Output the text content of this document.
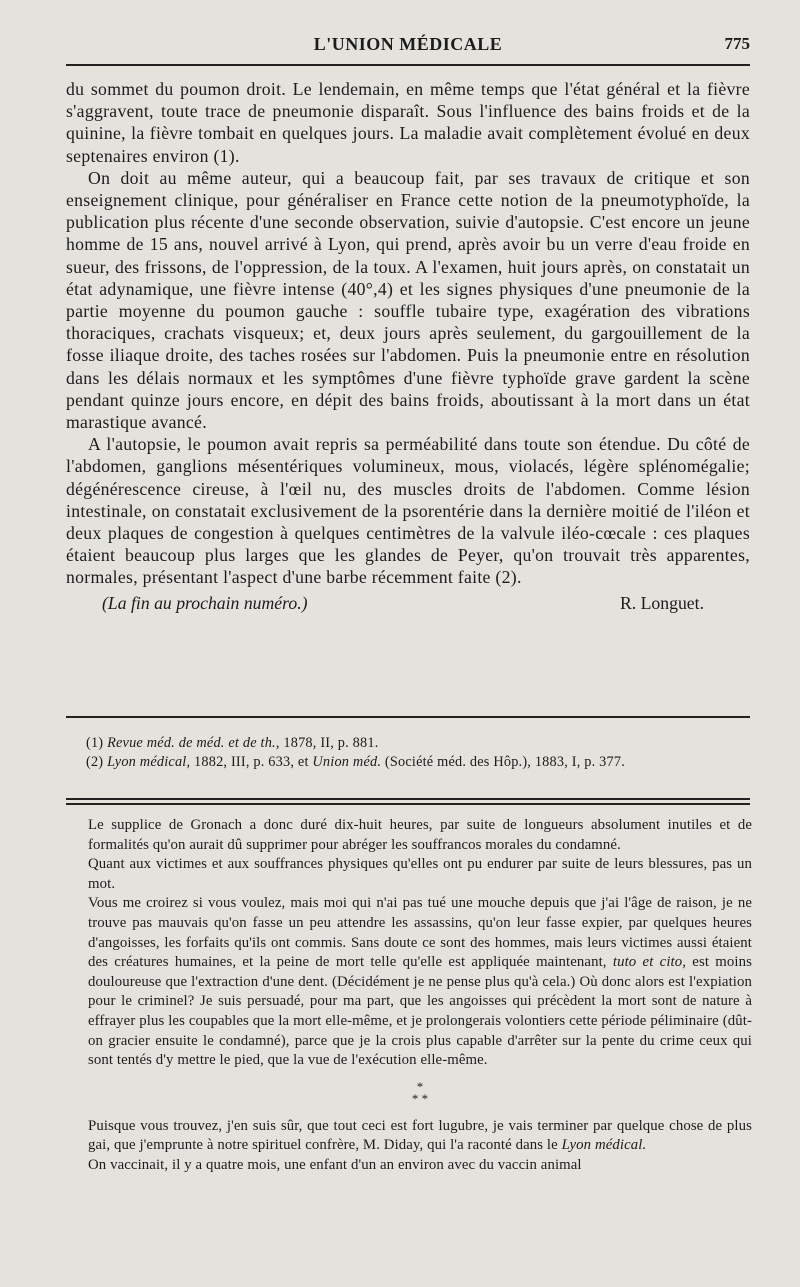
L'UNION MÉDICALE	775

du sommet du poumon droit. Le lendemain, en même temps que l'état général et la fièvre s'aggravent, toute trace de pneumonie disparaît. Sous l'influence des bains froids et de la quinine, la fièvre tombait en quelques jours. La maladie avait complètement évolué en deux septenaires environ (1).

On doit au même auteur, qui a beaucoup fait, par ses travaux de critique et son enseignement clinique, pour généraliser en France cette notion de la pneumotyphoïde, la publication plus récente d'une seconde observation, suivie d'autopsie. C'est encore un jeune homme de 15 ans, nouvel arrivé à Lyon, qui prend, après avoir bu un verre d'eau froide en sueur, des frissons, de l'oppression, de la toux. A l'examen, huit jours après, on constatait un état adynamique, une fièvre intense (40°,4) et les signes physiques d'une pneumonie de la partie moyenne du poumon gauche : souffle tubaire type, exagération des vibrations thoraciques, crachats visqueux; et, deux jours après seulement, du gargouillement de la fosse iliaque droite, des taches rosées sur l'abdomen. Puis la pneumonie entre en résolution dans les délais normaux et les symptômes d'une fièvre typhoïde grave gardent la scène pendant quinze jours encore, en dépit des bains froids, aboutissant à la mort dans un état marastique avancé.

A l'autopsie, le poumon avait repris sa perméabilité dans toute son étendue. Du côté de l'abdomen, ganglions mésentériques volumineux, mous, violacés, légère splénomégalie; dégénérescence cireuse, à l'œil nu, des muscles droits de l'abdomen. Comme lésion intestinale, on constatait exclusivement de la psorentérie dans la dernière moitié de l'iléon et deux plaques de congestion à quelques centimètres de la valvule iléo-cœcale : ces plaques étaient beaucoup plus larges que les glandes de Peyer, qu'on trouvait très apparentes, normales, présentant l'aspect d'une barbe récemment faite (2).

(La fin au prochain numéro.)	R. Longuet.

(1) Revue méd. de méd. et de th., 1878, II, p. 881.

(2) Lyon médical, 1882, III, p. 633, et Union méd. (Société méd. des Hôp.), 1883, I, p. 377.

Le supplice de Gronach a donc duré dix-huit heures, par suite de longueurs absolument inutiles et de formalités qu'on aurait dû supprimer pour abréger les souffrancos morales du condamné.

Quant aux victimes et aux souffrances physiques qu'elles ont pu endurer par suite de leurs blessures, pas un mot.

Vous me croirez si vous voulez, mais moi qui n'ai pas tué une mouche depuis que j'ai l'âge de raison, je ne trouve pas mauvais qu'on fasse un peu attendre les assassins, qu'on leur fasse expier, par quelques heures d'angoisses, les forfaits qu'ils ont commis. Sans doute ce sont des hommes, mais leurs victimes aussi étaient des créatures humaines, et la peine de mort telle qu'elle est appliquée maintenant, tuto et cito, est moins douloureuse que l'extraction d'une dent. (Décidément je ne pense plus qu'à cela.) Où donc alors est l'expiation pour le criminel? Je suis persuadé, pour ma part, que les angoisses qui précèdent la mort sont de nature à effrayer plus les coupables que la mort elle-même, et je prolongerais volontiers cette période péliminaire (dût-on gracier ensuite le condamné), parce que je la crois plus capable d'arrêter sur la pente du crime ceux qui sont tentés d'y mettre le pied, que la vue de l'exécution elle-même.

*
* *

Puisque vous trouvez, j'en suis sûr, que tout ceci est fort lugubre, je vais terminer par quelque chose de plus gai, que j'emprunte à notre spirituel confrère, M. Diday, qui l'a raconté dans le Lyon médical.

On vaccinait, il y a quatre mois, une enfant d'un an environ avec du vaccin animal
